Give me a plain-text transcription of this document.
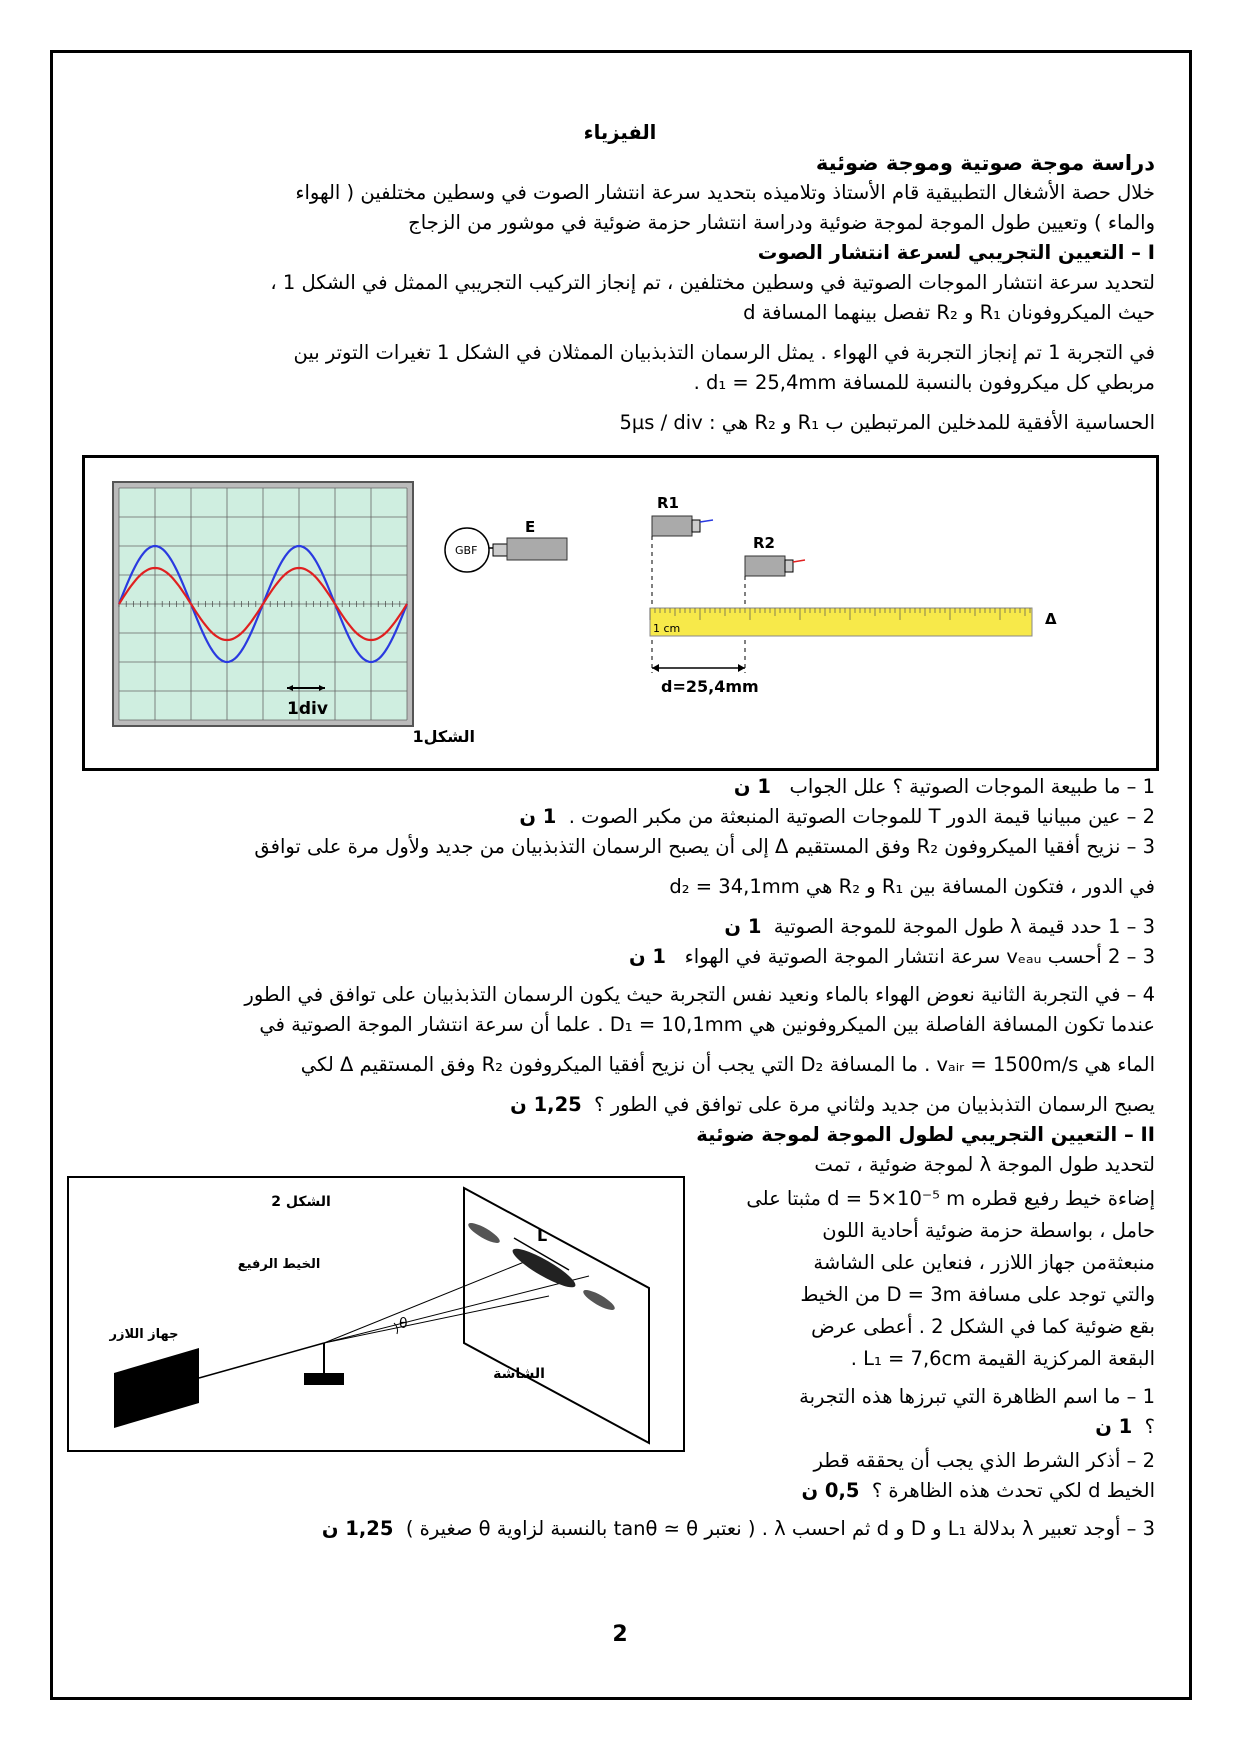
الفيزياء
دراسة موجة صوتية وموجة ضوئية
خلال حصة الأشغال التطبيقية قام الأستاذ وتلاميذه بتحديد سرعة انتشار الصوت في وسطين مختلفين ( الهواء
والماء ) وتعيين طول الموجة لموجة ضوئية ودراسة انتشار حزمة ضوئية في موشور من الزجاج
I – التعيين التجريبي لسرعة انتشار الصوت
لتحديد سرعة انتشار الموجات الصوتية في وسطين مختلفين ، تم إنجاز التركيب التجريبي الممثل في الشكل 1 ،
حيث الميكروفونان R₁ و R₂ تفصل بينهما المسافة d
في التجربة 1 تم إنجاز التجربة في الهواء . يمثل الرسمان التذبذبيان الممثلان في الشكل 1 تغيرات التوتر بين
مربطي كل ميكروفون بالنسبة للمسافة d₁ = 25,4mm .
الحساسية الأفقية للمدخلين المرتبطين ب R₁ و R₂ هي : 5µs / div
1div
GBF
E
R1
R2
1 cm
Δ
d=25,4mm
الشكل1
1 – ما طبيعة الموجات الصوتية ؟ علل الجواب   1 ن
2 – عين مبيانيا قيمة الدور T للموجات الصوتية المنبعثة من مكبر الصوت .  1 ن
3 – نزيح أفقيا الميكروفون R₂ وفق المستقيم Δ إلى أن يصبح الرسمان التذبذبيان من جديد ولأول مرة على توافق
في الدور ، فتكون المسافة بين R₁ و R₂ هي d₂ = 34,1mm
3 – 1 حدد قيمة λ طول الموجة للموجة الصوتية  1 ن
3 – 2 أحسب vₑₐᵤ سرعة انتشار الموجة الصوتية في الهواء   1 ن
4 – في التجربة الثانية نعوض الهواء بالماء ونعيد نفس التجربة حيث يكون الرسمان التذبذبيان على توافق في الطور
عندما تكون المسافة الفاصلة بين الميكروفونين هي D₁ = 10,1mm . علما أن سرعة انتشار الموجة الصوتية في
الماء هي vₐᵢᵣ = 1500m/s . ما المسافة D₂ التي يجب أن نزيح أفقيا الميكروفون R₂ وفق المستقيم Δ لكي
يصبح الرسمان التذبذبيان من جديد ولثاني مرة على توافق في الطور ؟  1,25 ن
II – التعيين التجريبي لطول الموجة لموجة ضوئية
لتحديد طول الموجة λ لموجة ضوئية ، تمت
إضاءة خيط رفيع قطره d = 5×10⁻⁵ m مثبتا على
حامل ، بواسطة حزمة ضوئية أحادية اللون
منبعثةمن جهاز اللازر ، فنعاين على الشاشة
والتي توجد على مسافة D = 3m من الخيط
بقع ضوئية كما في الشكل 2 . أعطى عرض
البقعة المركزية القيمة L₁ = 7,6cm .
1 – ما اسم الظاهرة التي تبرزها هذه التجربة
؟  1 ن
2 – أذكر الشرط الذي يجب أن يحققه قطر
الخيط d لكي تحدث هذه الظاهرة ؟  0,5 ن
3 – أوجد تعبير λ بدلالة L₁ و D و d ثم احسب λ . ( نعتبر tanθ ≃ θ بالنسبة لزاوية θ صغيرة )  1,25 ن
L
θ
الشكل 2
الخيط الرفيع
جهاز اللازر
الشاشة
2
